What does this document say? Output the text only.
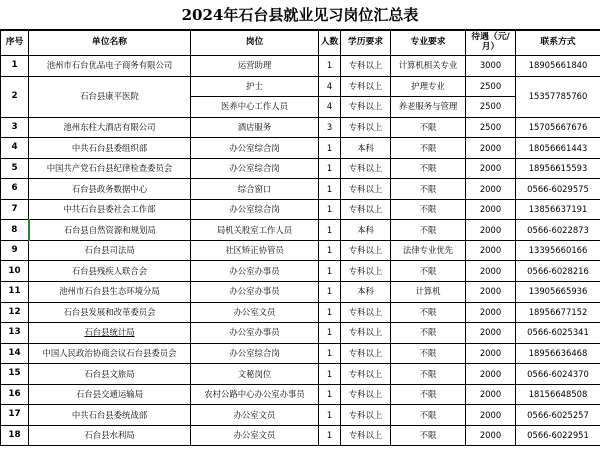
2024年石台县就业见习岗位汇总表
序号	单位名称	岗位	人数	学历要求	专业要求	待遇（元/月）	联系方式
1	池州市石台优品电子商务有限公司	运营助理	1	专科以上	计算机相关专业	3000	18905661840
2	石台县康平医院	护士	4	专科以上	护理专业	2500	15357785760
		医养中心工作人员	4	专科以上	养老服务与管理	2500	
3	池州东柱大酒店有限公司	酒店服务	3	专科以上	不限	2500	15705667676
4	中共石台县委组织部	办公室综合岗	1	本科	不限	2000	18056661443
5	中国共产党石台县纪律检查委员会	办公室综合岗	1	专科以上	不限	2000	18956615593
6	石台县政务数据中心	综合窗口	1	专科以上	不限	2000	0566-6029575
7	中共石台县委社会工作部	办公室综合岗	1	专科以上	不限	2000	13856637191
8	石台县自然资源和规划局	局机关股室工作人员	1	本科	不限	2000	0566-6022873
9	石台县司法局	社区矫正协管员	1	专科以上	法律专业优先	2000	13395660166
10	石台县残疾人联合会	办公室办事员	1	专科以上	不限	2000	0566-6028216
11	池州市石台县生态环境分局	办公室办事员	1	本科	计算机	2000	13905665936
12	石台县发展和改革委员会	办公室文员	1	专科以上	不限	2000	18956677152
13	石台县统计局	办公室办事员	1	专科以上	不限	2000	0566-6025341
14	中国人民政治协商会议石台县委员会	办公室综合岗	1	专科以上	不限	2000	18956636468
15	石台县文旅局	文秘岗位	1	专科以上	不限	2000	0566-6024370
16	石台县交通运输局	农村公路中心办公室办事员	1	专科以上	不限	2000	18156648508
17	中共石台县委统战部	办公室文员	1	专科以上	不限	2000	0566-6025257
18	石台县水利局	办公室文员	1	专科以上	不限	2000	0566-6022951
